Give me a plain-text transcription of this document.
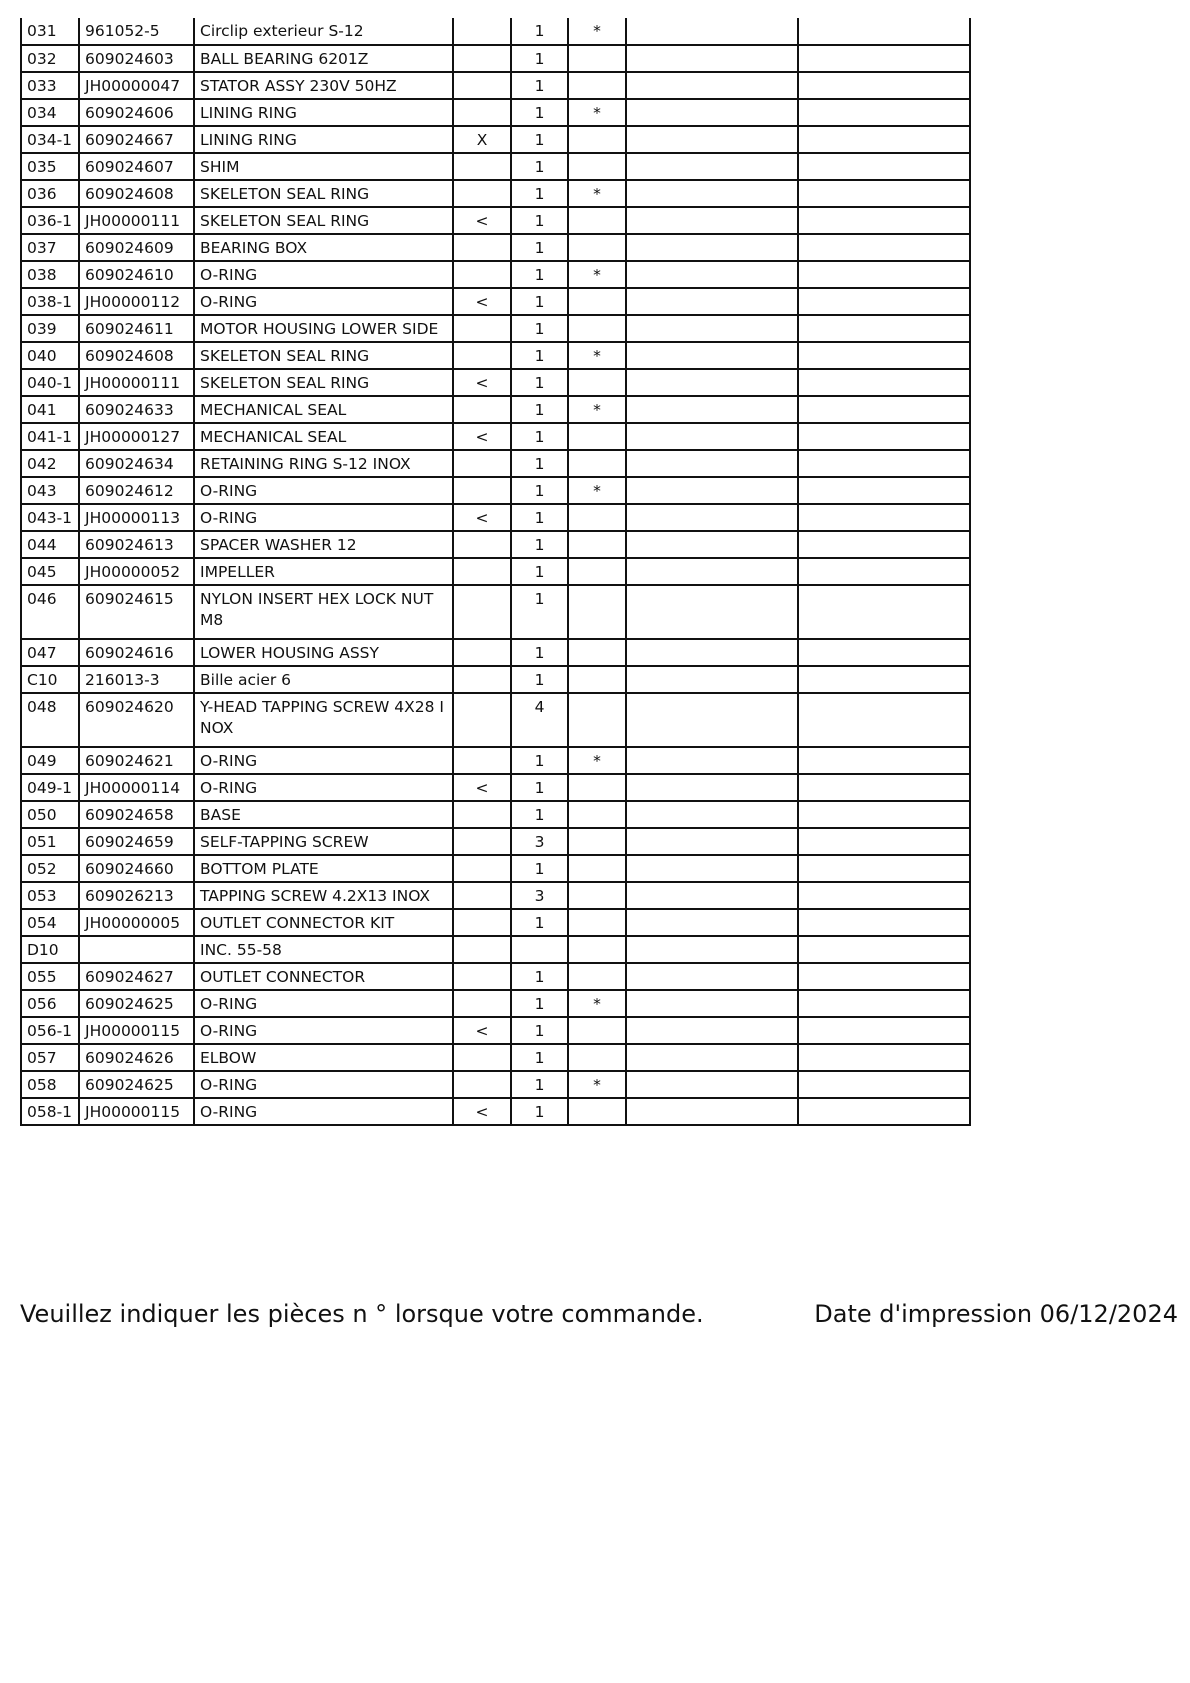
031	961052-5	Circlip exterieur S-12		1	*		
032	609024603	BALL BEARING 6201Z		1			
033	JH00000047	STATOR ASSY 230V 50HZ		1			
034	609024606	LINING RING		1	*		
034-1	609024667	LINING RING	X	1			
035	609024607	SHIM		1			
036	609024608	SKELETON SEAL RING		1	*		
036-1	JH00000111	SKELETON SEAL RING	<	1			
037	609024609	BEARING BOX		1			
038	609024610	O-RING		1	*		
038-1	JH00000112	O-RING	<	1			
039	609024611	MOTOR HOUSING LOWER SIDE		1			
040	609024608	SKELETON SEAL RING		1	*		
040-1	JH00000111	SKELETON SEAL RING	<	1			
041	609024633	MECHANICAL SEAL		1	*		
041-1	JH00000127	MECHANICAL SEAL	<	1			
042	609024634	RETAINING RING S-12 INOX		1			
043	609024612	O-RING		1	*		
043-1	JH00000113	O-RING	<	1			
044	609024613	SPACER WASHER 12		1			
045	JH00000052	IMPELLER		1			
046	609024615	NYLON INSERT HEX LOCK NUT M8		1			
047	609024616	LOWER HOUSING ASSY		1			
C10	216013-3	Bille acier 6		1			
048	609024620	Y-HEAD TAPPING SCREW 4X28 INOX		4			
049	609024621	O-RING		1	*		
049-1	JH00000114	O-RING	<	1			
050	609024658	BASE		1			
051	609024659	SELF-TAPPING SCREW		3			
052	609024660	BOTTOM PLATE		1			
053	609026213	TAPPING SCREW 4.2X13 INOX		3			
054	JH00000005	OUTLET CONNECTOR KIT		1			
D10		INC. 55-58					
055	609024627	OUTLET CONNECTOR		1			
056	609024625	O-RING		1	*		
056-1	JH00000115	O-RING	<	1			
057	609024626	ELBOW		1			
058	609024625	O-RING		1	*		
058-1	JH00000115	O-RING	<	1			
Veuillez indiquer les pièces n ° lorsque votre commande.	Date d'impression 06/12/2024
